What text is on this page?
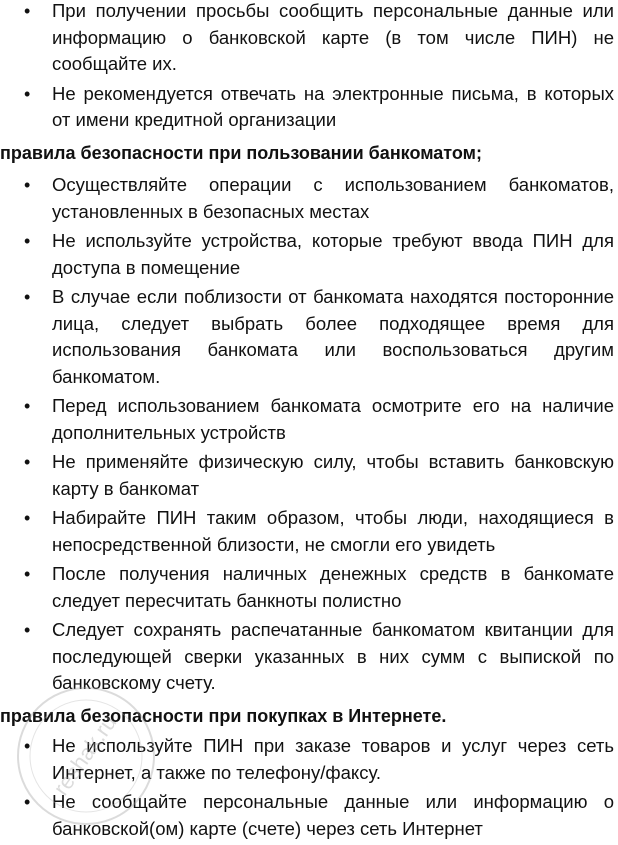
• При получении просьбы сообщить персональные данные или информацию о банковской карте (в том числе ПИН) не сообщайте их.
• Не рекомендуется отвечать на электронные письма, в которых от имени кредитной организации
правила безопасности при пользовании банкоматом;
• Осуществляйте операции с использованием банкоматов, установленных в безопасных местах
• Не используйте устройства, которые требуют ввода ПИН для доступа в помещение
• В случае если поблизости от банкомата находятся посторонние лица, следует выбрать более подходящее время для использования банкомата или воспользоваться другим банкоматом.
• Перед использованием банкомата осмотрите его на наличие дополнительных устройств
• Не применяйте физическую силу, чтобы вставить банковскую карту в банкомат
• Набирайте ПИН таким образом, чтобы люди, находящиеся в непосредственной близости, не смогли его увидеть
• После получения наличных денежных средств в банкомате следует пересчитать банкноты полистно
• Следует сохранять распечатанные банкоматом квитанции для последующей сверки указанных в них сумм с выпиской по банковскому счету.
правила безопасности при покупках в Интернете.
• Не используйте ПИН при заказе товаров и услуг через сеть Интернет, а также по телефону/факсу.
• Не сообщайте персональные данные или информацию о банковской(ом) карте (счете) через сеть Интернет
reshak.ru
